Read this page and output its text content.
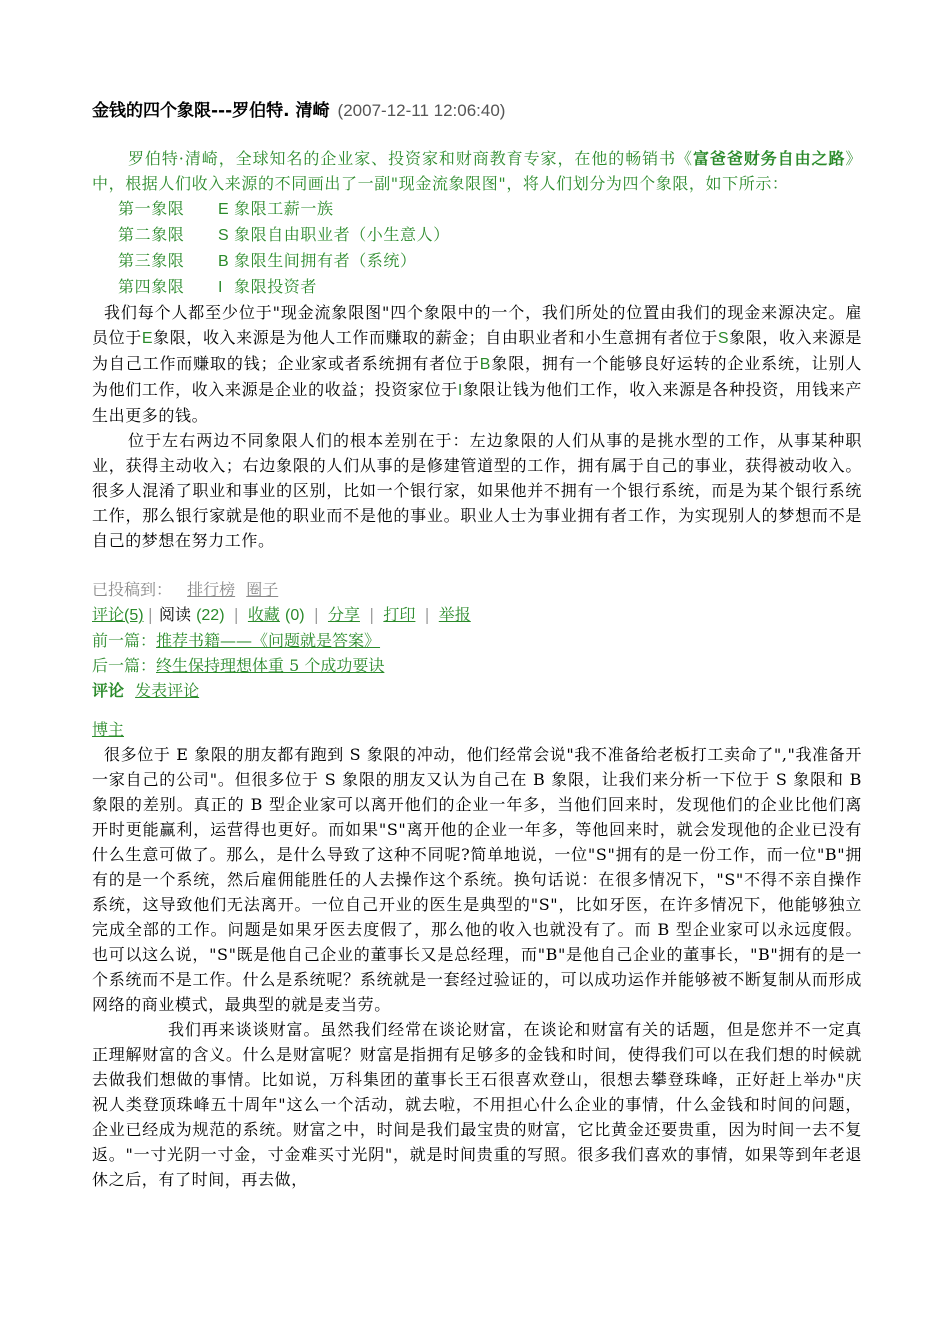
金钱的四个象限---罗伯特. 清崎 (2007-12-11 12:06:40)

罗伯特·清崎，全球知名的企业家、投资家和财商教育专家，在他的畅销书《富爸爸财务自由之路》中，根据人们收入来源的不同画出了一副"现金流象限图"，将人们划分为四个象限，如下所示：

第一象限 E 象限工薪一族
第二象限 S 象限自由职业者（小生意人）
第三象限 B 象限生间拥有者（系统）
第四象限 I 象限投资者

我们每个人都至少位于"现金流象限图"四个象限中的一个，我们所处的位置由我们的现金来源决定。雇员位于E象限，收入来源是为他人工作而赚取的薪金；自由职业者和小生意拥有者位于S象限，收入来源是为自己工作而赚取的钱；企业家或者系统拥有者位于B象限，拥有一个能够良好运转的企业系统，让别人为他们工作，收入来源是企业的收益；投资家位于I象限让钱为他们工作，收入来源是各种投资，用钱来产生出更多的钱。

位于左右两边不同象限人们的根本差别在于：左边象限的人们从事的是挑水型的工作，从事某种职业，获得主动收入；右边象限的人们从事的是修建管道型的工作，拥有属于自己的事业，获得被动收入。很多人混淆了职业和事业的区别，比如一个银行家，如果他并不拥有一个银行系统，而是为某个银行系统工作，那么银行家就是他的职业而不是他的事业。职业人士为事业拥有者工作，为实现别人的梦想而不是自己的梦想在努力工作。

已投稿到： 排行榜 圈子
评论(5) | 阅读 (22) | 收藏 (0) | 分享 | 打印 | 举报
前一篇：推荐书籍——《问题就是答案》
后一篇：终生保持理想体重 5 个成功要诀
评论 发表评论
博主

很多位于 E 象限的朋友都有跑到 S 象限的冲动，他们经常会说"我不准备给老板打工卖命了","我准备开一家自己的公司"。但很多位于 S 象限的朋友又认为自己在 B 象限，让我们来分析一下位于 S 象限和 B 象限的差别。真正的 B 型企业家可以离开他们的企业一年多，当他们回来时，发现他们的企业比他们离开时更能赢利，运营得也更好。而如果"S"离开他的企业一年多，等他回来时，就会发现他的企业已没有什么生意可做了。那么，是什么导致了这种不同呢?简单地说，一位"S"拥有的是一份工作，而一位"B"拥有的是一个系统，然后雇佣能胜任的人去操作这个系统。换句话说：在很多情况下，"S"不得不亲自操作系统，这导致他们无法离开。一位自己开业的医生是典型的"S"，比如牙医，在许多情况下，他能够独立完成全部的工作。问题是如果牙医去度假了，那么他的收入也就没有了。而 B 型企业家可以永远度假。也可以这么说，"S"既是他自己企业的董事长又是总经理，而"B"是他自己企业的董事长，"B"拥有的是一个系统而不是工作。什么是系统呢？系统就是一套经过验证的，可以成功运作并能够被不断复制从而形成网络的商业模式，最典型的就是麦当劳。

我们再来谈谈财富。虽然我们经常在谈论财富，在谈论和财富有关的话题，但是您并不一定真正理解财富的含义。什么是财富呢？财富是指拥有足够多的金钱和时间，使得我们可以在我们想的时候就去做我们想做的事情。比如说，万科集团的董事长王石很喜欢登山，很想去攀登珠峰，正好赶上举办"庆祝人类登顶珠峰五十周年"这么一个活动，就去啦，不用担心什么企业的事情，什么金钱和时间的问题，企业已经成为规范的系统。财富之中，时间是我们最宝贵的财富，它比黄金还要贵重，因为时间一去不复返。"一寸光阴一寸金，寸金难买寸光阴"，就是时间贵重的写照。很多我们喜欢的事情，如果等到年老退休之后，有了时间，再去做，
